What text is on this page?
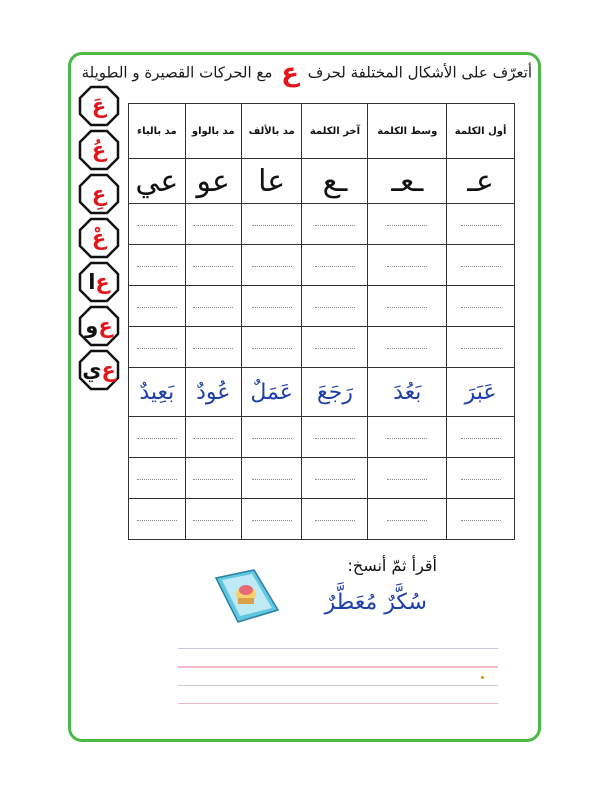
أتعرّف على الأشكال المختلفة لحرف ع مع الحركات القصيرة و الطويلة
عَ
عُ
عِ
عْ
ع
ا
ع
و
ع
ي
أول الكلمة	وسط الكلمة	آخر الكلمة	مد بالألف	مد بالواو	مد بالياء
عـ	ـعـ	ـع	عا	عو	عي

عَبَرَ	بَعُدَ	رَجَعَ	عَمَلٌ	عُودٌ	بَعِيدٌ

أقرأ ثمّ أنسخ:
سُكَّرٌ مُعَطَّرٌ
